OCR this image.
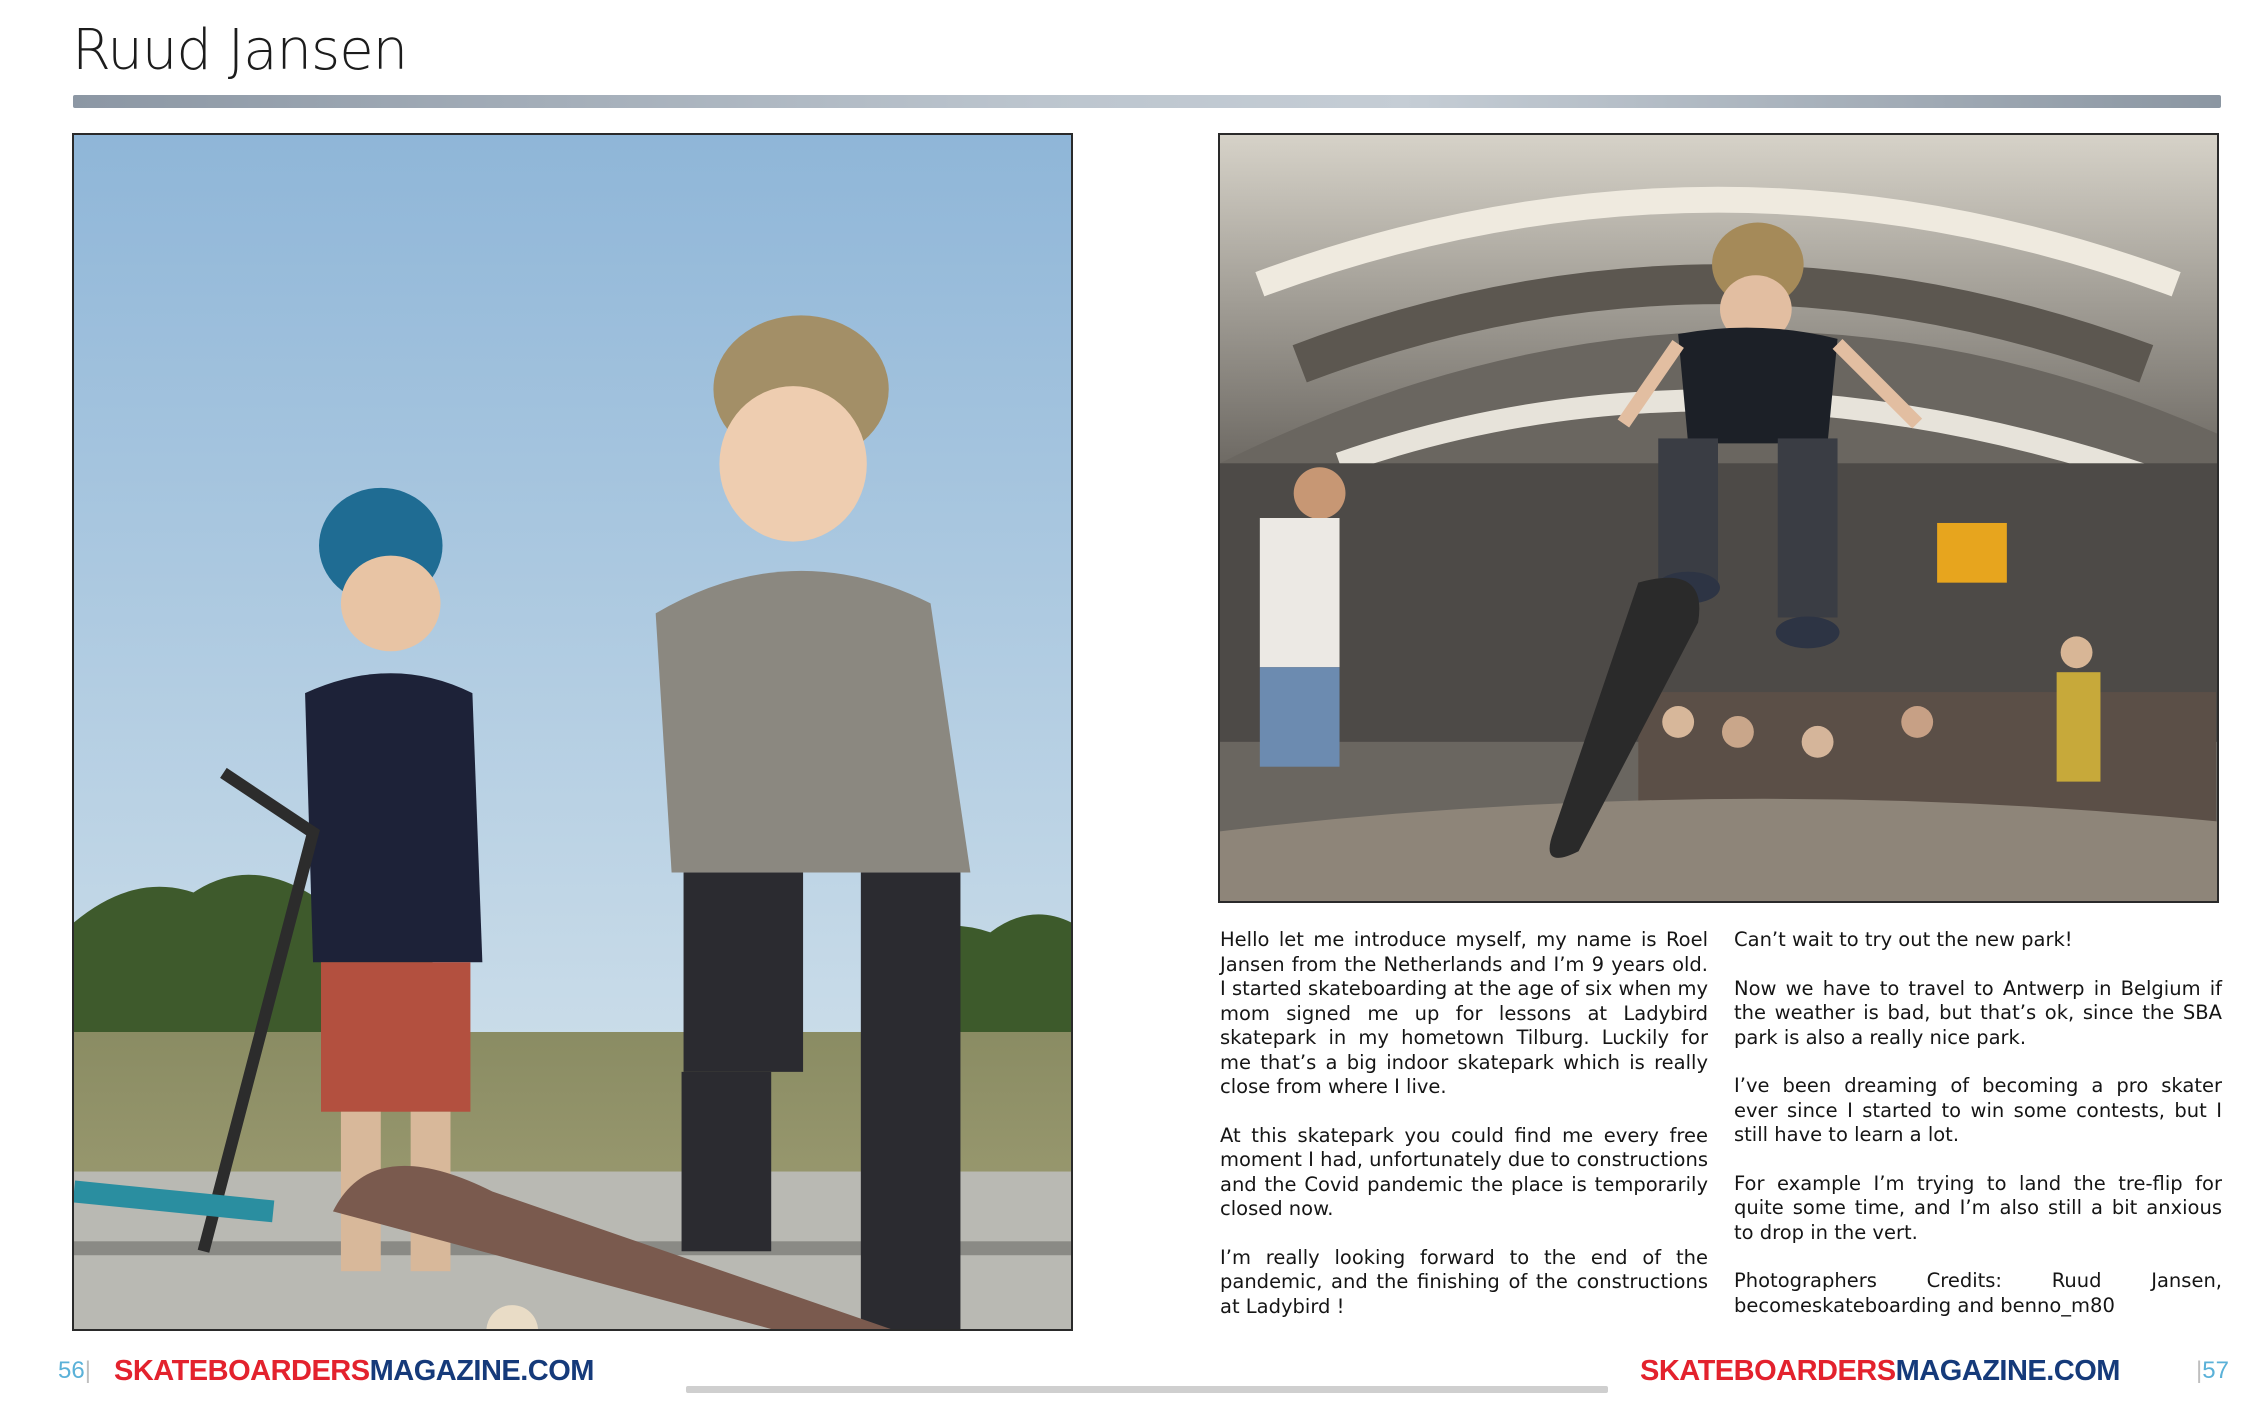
Ruud Jansen

Hello let me introduce myself, my name is Roel Jansen from the Netherlands and I’m 9 years old. I started skateboarding at the age of six when my mom signed me up for lessons at Ladybird skatepark in my hometown Tilburg. Luckily for me that’s a big indoor skatepark which is really close from where I live.

At this skatepark you could find me every free moment I had, unfortunately due to constructions and the Covid pandemic the place is temporarily closed now.

I’m really looking forward to the end of the pandemic, and the finishing of the constructions at Ladybird !

Can’t wait to try out the new park!

Now we have to travel to Antwerp in Belgium if the weather is bad, but that’s ok, since the SBA park is also a really nice park.

I’ve been dreaming of becoming a pro skater ever since I started to win some contests, but I still have to learn a lot.

For example I’m trying to land the tre-flip for quite some time, and I’m also still a bit anxious to drop in the vert.

Photographers Credits: Ruud Jansen, becomeskateboarding and benno_m80

56| SKATEBOARDERSMAGAZINE.COM	SKATEBOARDERSMAGAZINE.COM	|57
